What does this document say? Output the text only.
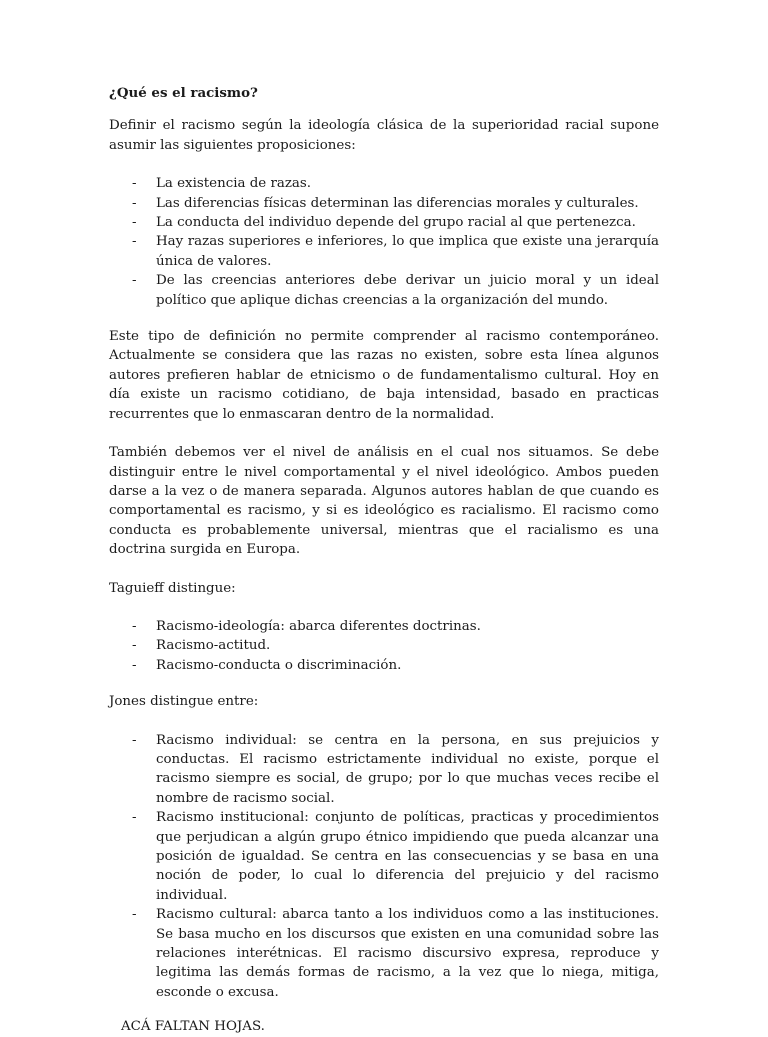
¿Qué es el racismo?

Definir el racismo según la ideología clásica de la superioridad racial supone asumir las siguientes proposiciones:

- La existencia de razas.
- Las diferencias físicas determinan las diferencias morales y culturales.
- La conducta del individuo depende del grupo racial al que pertenezca.
- Hay razas superiores e inferiores, lo que implica que existe una jerarquía única de valores.
- De las creencias anteriores debe derivar un juicio moral y un ideal político que aplique dichas creencias a la organización del mundo.

Este tipo de definición no permite comprender al racismo contemporáneo. Actualmente se considera que las razas no existen, sobre esta línea algunos autores prefieren hablar de etnicismo o de fundamentalismo cultural. Hoy en día existe un racismo cotidiano, de baja intensidad, basado en practicas recurrentes que lo enmascaran dentro de la normalidad.

También debemos ver el nivel de análisis en el cual nos situamos. Se debe distinguir entre le nivel comportamental y el nivel ideológico. Ambos pueden darse a la vez o de manera separada. Algunos autores hablan de que cuando es comportamental es racismo, y si es ideológico es racialismo. El racismo como conducta es probablemente universal, mientras que el racialismo es una doctrina surgida en Europa.

Taguieff distingue:

- Racismo-ideología: abarca diferentes doctrinas.
- Racismo-actitud.
- Racismo-conducta o discriminación.

Jones distingue entre:

- Racismo individual: se centra en la persona, en sus prejuicios y conductas. El racismo estrictamente individual no existe, porque el racismo siempre es social, de grupo; por lo que muchas veces recibe el nombre de racismo social.
- Racismo institucional: conjunto de políticas, practicas y procedimientos que perjudican a algún grupo étnico impidiendo que pueda alcanzar una posición de igualdad. Se centra en las consecuencias y se basa en una noción de poder, lo cual lo diferencia del prejuicio y del racismo individual.
- Racismo cultural: abarca tanto a los individuos como a las instituciones. Se basa mucho en los discursos que existen en una comunidad sobre las relaciones interétnicas. El racismo discursivo expresa, reproduce y legitima las demás formas de racismo, a la vez que lo niega, mitiga, esconde o excusa.
ACÁ FALTAN HOJAS.
